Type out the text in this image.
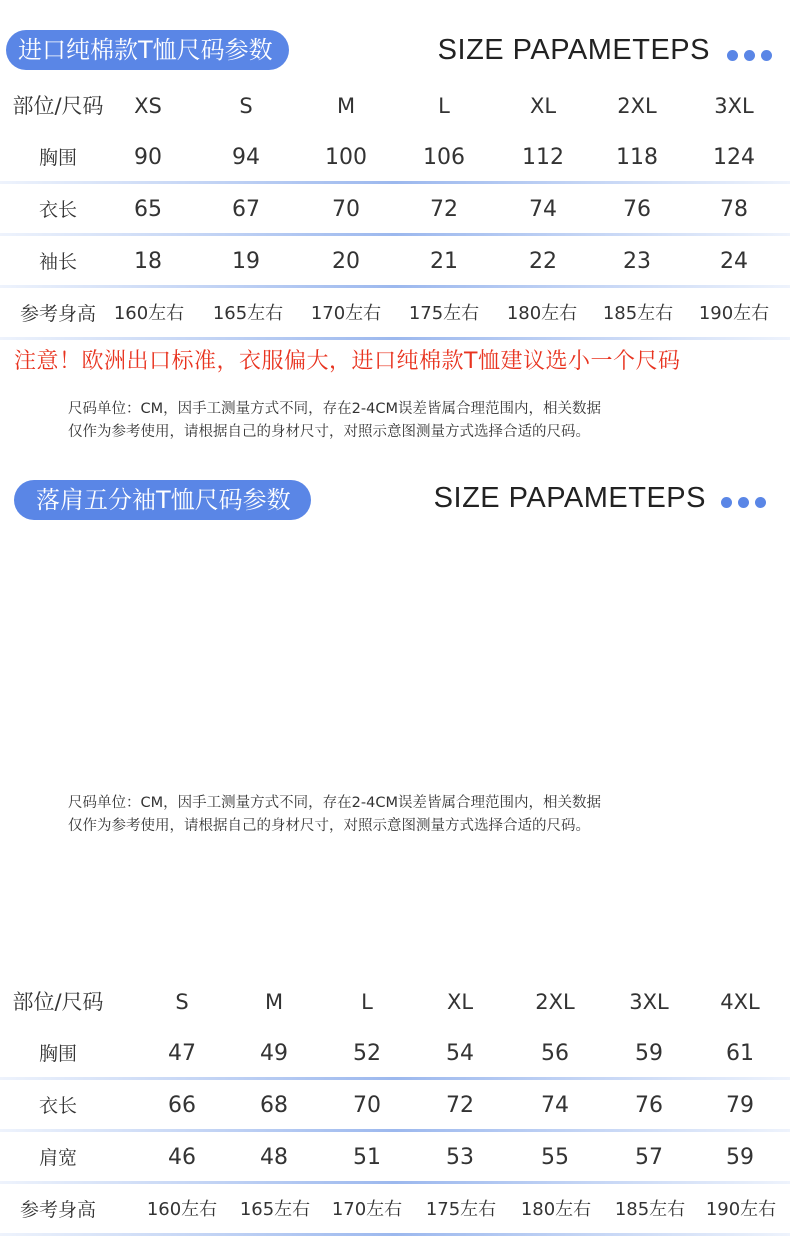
进口纯棉款T恤尺码参数	SIZE PAPAMETEPS
部位/尺码	XS	S	M	L	XL	2XL	3XL
胸围	90	94	100	106	112	118	124
衣长	65	67	70	72	74	76	78
袖长	18	19	20	21	22	23	24
参考身高 160左右	165左右	170左右	175左右	180左右	185左右	190左右
注意！欧洲出口标准，衣服偏大，进口纯棉款T恤建议选小一个尺码
尺码单位：CM，因手工测量方式不同，存在2-4CM误差皆属合理范围内，相关数据
仅作为参考使用，请根据自己的身材尺寸，对照示意图测量方式选择合适的尺码。
落肩五分袖T恤尺码参数	SIZE PAPAMETEPS
部位/尺码	S	M	L	XL	2XL	3XL	4XL
胸围	47	49	52	54	56	59	61
衣长	66	68	70	72	74	76	79
肩宽	46	48	51	53	55	57	59
参考身高	160左右	165左右	170左右	175左右	180左右	185左右	190左右
尺码单位：CM，因手工测量方式不同，存在2-4CM误差皆属合理范围内，相关数据
仅作为参考使用，请根据自己的身材尺寸，对照示意图测量方式选择合适的尺码。
